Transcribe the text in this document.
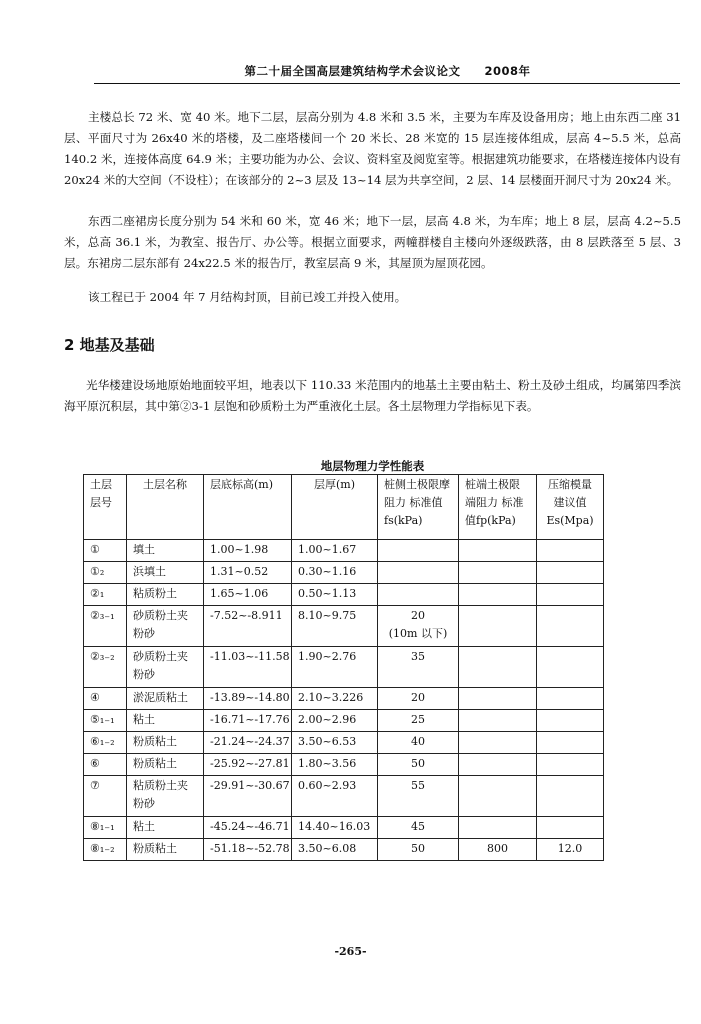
第二十届全国高层建筑结构学术会议论文　　2008年

主楼总长 72 米、宽 40 米。地下二层，层高分别为 4.8 米和 3.5 米，主要为车库及设备用房；地上由东西二座 31 层、平面尺寸为 26x40 米的塔楼，及二座塔楼间一个 20 米长、28 米宽的 15 层连接体组成，层高 4~5.5 米，总高 140.2 米，连接体高度 64.9 米；主要功能为办公、会议、资料室及阅览室等。根据建筑功能要求，在塔楼连接体内设有 20x24 米的大空间（不设柱）；在该部分的 2~3 层及 13~14 层为共享空间，2 层、14 层楼面开洞尺寸为 20x24 米。

东西二座裙房长度分别为 54 米和 60 米，宽 46 米；地下一层，层高 4.8 米，为车库；地上 8 层，层高 4.2~5.5 米，总高 36.1 米，为教室、报告厅、办公等。根据立面要求，两幢群楼自主楼向外逐级跌落，由 8 层跌落至 5 层、3 层。东裙房二层东部有 24x22.5 米的报告厅，教室层高 9 米，其屋顶为屋顶花园。

该工程已于 2004 年 7 月结构封顶，目前已竣工并投入使用。

2 地基及基础

光华楼建设场地原始地面较平坦，地表以下 110.33 米范围内的地基土主要由粘土、粉土及砂土组成，均属第四季滨海平原沉积层，其中第②3-1 层饱和砂质粉土为严重液化土层。各土层物理力学指标见下表。

地层物理力学性能表
土层层号	土层名称	层底标高(m)	层厚(m)	桩侧土极限摩阻力 标准值fs(kPa)	桩端土极限端阻力 标准值fp(kPa)	压缩模量建议值Es(Mpa)
①	填土	1.00~1.98	1.00~1.67			
①₂	浜填土	1.31~0.52	0.30~1.16			
②₁	粘质粉土	1.65~1.06	0.50~1.13			
②₃₋₁	砂质粉土夹粉砂	-7.52~-8.911	8.10~9.75	20
(10m 以下)		
②₃₋₂	砂质粉土夹粉砂	-11.03~-11.58	1.90~2.76	35		
④	淤泥质粘土	-13.89~-14.80	2.10~3.226	20		
⑤₁₋₁	粘土	-16.71~-17.76	2.00~2.96	25		
⑥₁₋₂	粉质粘土	-21.24~-24.37	3.50~6.53	40		
⑥	粉质粘土	-25.92~-27.81	1.80~3.56	50		
⑦	粘质粉土夹粉砂	-29.91~-30.67	0.60~2.93	55		
⑧₁₋₁	粘土	-45.24~-46.71	14.40~16.03	45		
⑧₁₋₂	粉质粘土	-51.18~-52.78	3.50~6.08	50	800	12.0
-265-
